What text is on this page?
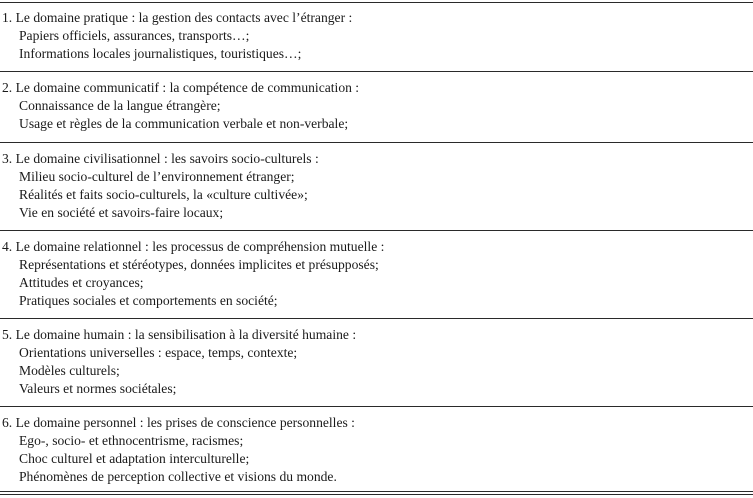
1. Le domaine pratique : la gestion des contacts avec l’étranger :
Papiers officiels, assurances, transports…;
Informations locales journalistiques, touristiques…;
2. Le domaine communicatif : la compétence de communication :
Connaissance de la langue étrangère;
Usage et règles de la communication verbale et non-verbale;
3. Le domaine civilisationnel : les savoirs socio-culturels :
Milieu socio-culturel de l’environnement étranger;
Réalités et faits socio-culturels, la «culture cultivée»;
Vie en société et savoirs-faire locaux;
4. Le domaine relationnel : les processus de compréhension mutuelle :
Représentations et stéréotypes, données implicites et présupposés;
Attitudes et croyances;
Pratiques sociales et comportements en société;
5. Le domaine humain : la sensibilisation à la diversité humaine :
Orientations universelles : espace, temps, contexte;
Modèles culturels;
Valeurs et normes sociétales;
6. Le domaine personnel : les prises de conscience personnelles :
Ego-, socio- et ethnocentrisme, racismes;
Choc culturel et adaptation interculturelle;
Phénomènes de perception collective et visions du monde.
